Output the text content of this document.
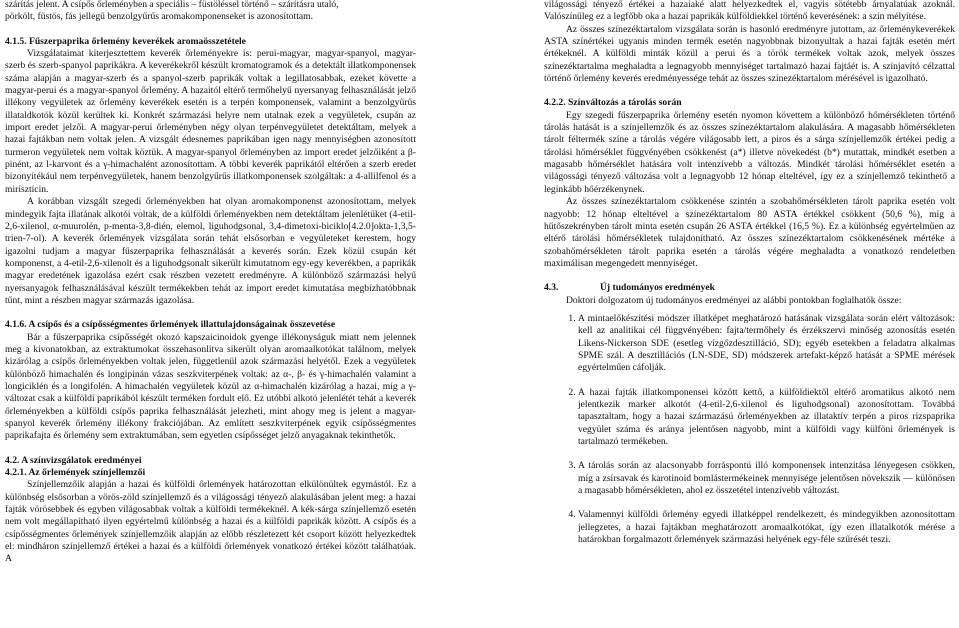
szárítás jelent. A csípős őrleményben a speciális – füstöléssel történő – szárításra utaló,

pörkölt, füstös, fás jellegű benzolgyűrűs aromakomponenseket is azonosítottam.

4.1.5. Fűszerpaprika őrlemény keverékek aromaösszetétele

Vizsgálataimat kiterjesztettem keverék őrleményekre is: perui-magyar, magyar-spanyol, magyar-szerb és szerb-spanyol paprikákra. A keverékekről készült kromatogramok és a detektált illatkomponensek száma alapján a magyar-szerb és a spanyol-szerb paprikák voltak a legillatosabbak, ezeket követte a magyar-perui és a magyar-spanyol őrlemény. A hazaitól eltérő termőhelyű nyersanyag felhasználását jelző illékony vegyületek az őrlemény keverékek esetén is a terpén komponensek, valamint a benzolgyűrűs illataldkotók közül kerültek ki. Konkrét származási helyre nem utalnak ezek a vegyületek, csupán az import eredet jelzői. A magyar-perui őrleményben négy olyan terpénvegyületet detektáltam, melyek a hazai fajtákban nem voltak jelen. A vizsgált édesnemes paprikában igen nagy mennyiségben azonosított turmeron vegyületek nem voltak köztük. A magyar-spanyol őrleményben az import eredet jelzőiként a β-pinént, az l-karvont és a γ-himachalént azonosítottam. A többi keverék paprikától eltérően a szerb eredet bizonyítékául nem terpénvegyületek, hanem benzolgyűrűs illatkomponensek szolgáltak: a 4-allilfenol és a mirisztícin.

A korábban vizsgált szegedi őrleményekben hat olyan aromakomponenst azonosítottam, melyek mindegyik fajta illatának alkotói voltak, de a külföldi őrleményekben nem detektáltam jelenlétüket (4-etil-2,6-xilenol, α-muurolén, p-menta-3,8-dién, elemol, liguhodgsonal, 3,4-dimetoxi-biciklo[4.2.0]okta-1,3,5-trien-7-ol). A keverék őrlemények vizsgálata során tehát elsősorban e vegyületeket kerestem, hogy igazolni tudjam a magyar fűszerpaprika felhasználását a keverés során. Ezek közül csupán két komponenst, a 4-etil-2,6-xilenolt és a liguhodgsonalt sikerült kimutatnom egy-egy keverékben, a paprikák magyar eredetének igazolása ezért csak részben vezetett eredményre. A különböző származási helyű nyersanyagok felhasználásával készült termékekben tehát az import eredet kimutatása megbízhatóbbnak tűnt, mint a részben magyar származás igazolása.

4.1.6. A csípős és a csípősségmentes őrlemények illattulajdonságainak összevetése

Bár a fűszerpaprika csípősségét okozó kapszaicinoidok gyenge illékonyságuk miatt nem jelennek meg a kivonatokban, az extraktumokat összehasonlítva sikerült olyan aromaalkotókat találnom, melyek kizárólag a csípős őrleményekben voltak jelen, függetlenül azok származási helyétől. Ezek a vegyületek különböző himachalén és longipinán vázas seszkviterpének voltak: az α-, β- és γ-himachalén valamint a longiciklén és a longifolén. A himachalén vegyületek közül az α-himachalén kizárólag a hazai, míg a γ-változat csak a külföldi paprikából készült terméken fordult elő. Ez utóbbi alkotó jelenlétét tehát a keverék őrleményekben a külföldi csípős paprika felhasználását jelezheti, mint ahogy meg is jelent a magyar-spanyol keverék őrlemény illékony frakciójában. Az említett seszkviterpének egyik csípősségmentes paprikafajta és őrlemény sem extraktumában, sem egyetlen csípősséget jelző anyagaknak tekinthetők.

4.2. A színvizsgálatok eredményei
4.2.1. Az őrlemények színjellemzői

Színjellemzőik alapján a hazai és külföldi őrlemények határozottan elkülönültek egymástól. Ez a különbség elsősorban a vörös-zöld színjellemző és a világossági tényező alakulásában jelent meg: a hazai fajták vörösebbek és egyben világosabbak voltak a külföldi termékeknél. A kék-sárga színjellemző esetén nem volt megállapítható ilyen egyértelmű különbség a hazai és a külföldi paprikák között. A csípős és a csípősségmentes őrlemények színjellemzőik alapján az előbb részletezett két csoport között helyezkedtek el: mindháron színjellemző értékei a hazai és a külföldi őrlemények vonatkozó értékei között találhatóak. A

világossági tényező értékei a hazaiaké alatt helyezkedtek el, vagyis sötétebb árnyalatúak azoknál. Valószínűleg ez a legfőbb oka a hazai paprikák külföldiekkel történő keverésének: a szín mélyítése.

Az összes színezéktartalom vizsgálata során is hasonló eredményre jutottam, az őrleménykeverékek ASTA színértékei ugyanis minden termék esetén nagyobbnak bizonyultak a hazai fajták esetén mért értékeknél. A külföldi minták közül a perui és a török termékek voltak azok, melyek összes színezéktartalma meghaladta a legnagyobb mennyiséget tartalmazó hazai fajtáét is. A színjavító célzattal történő őrlemény keverés eredményessége tehát az összes színezéktartalom mérésével is igazolható.

4.2.2. Színváltozás a tárolás során

Egy szegedi fűszerpaprika őrlemény esetén nyomon követtem a különböző hőmérsékleten történő tárolás hatását is a színjellemzők és az összes színezéktartalom alakulására. A magasabb hőmérsékleten tárolt féltermék színe a tárolás végére világosabb lett, a piros és a sárga színjellemzők értékei pedig a tárolási hőmérséklet függvényében csökkenést (a*) illetve növekedést (b*) mutattak, mindkét esetben a magasabb hőmérséklet hatására volt intenzívebb a változás. Mindkét tárolási hőmérséklet esetén a világossági tényező változása volt a legnagyobb 12 hónap elteltével, így ez a színjellemző tekinthető a leginkább hőérzékenynek.

Az összes színezéktartalom csökkenése szintén a szobahőmérsékleten tárolt paprika esetén volt nagyobb: 12 hónap elteltével a színezéktartalom 80 ASTA értékkel csökkent (50,6 %), míg a hűtőszekrényben tárolt minta esetén csupán 26 ASTA értékkel (16,5 %). Ez a különbség egyértelműen az eltérő tárolási hőmérsékletek tulajdonítható. Az összes színezéktartalom csökkenésének mértéke a szobahőmérsékleten tárolt paprika esetén a tárolás végére meghaladta a vonatkozó rendeletben maximálisan megengedett mennyiséget.

4.3.	Új tudományos eredmények

Doktori dolgozatom új tudományos eredményei az alábbi pontokban foglalhatók össze:

1. A mintaelőkészítési módszer illatképet meghatározó hatásának vizsgálata során elért változások: kell az analitikai cél függvényében: fajta/termőhely és érzékszervi minőség azonosítás esetén Likens-Nickerson SDE (esetleg vízgőzdesztilláció, SD); egyéb esetekben a feladatra alkalmas SPME szál. A desztillációs (LN-SDE, SD) módszerek artefakt-képző hatását a SPME mérések egyértelműen cáfolják.
2. A hazai fajták illatkomponensei között kettő, a külföldiektől eltérő aromatikus alkotó nem jelentkezik marker alkotót (4-etil-2,6-xilenol és liguhodgsonal) azonosítottam. Továbbá tapasztaltam, hogy a hazai származású őrleményekben az illataktív terpén a piros rizspaprika vegyület száma és aránya jelentősen nagyobb, mint a külföldi vagy külföni őrlemények is tartalmazó termékeben.
3. A tárolás során az alacsonyabb forráspontú illó komponensek intenzitása lényegesen csökken, míg a zsírsavak és karotinoid bomlástermékeinek mennyisége jelentősen növekszik — különösen a magasabb hőmérsékleten, ahol ez összetétel intenzívebb változást.
4. Valamennyi külföldi őrlemény egyedi illatképpel rendelkezett, és mindegyikben azonosítottam jellegzetes, a hazai fajtákban meghatározott aromaalkotókat, így ezen illatalkotók mérése a határokban forgalmazott őrlemények származási helyének egy-féle szűrését teszi.
